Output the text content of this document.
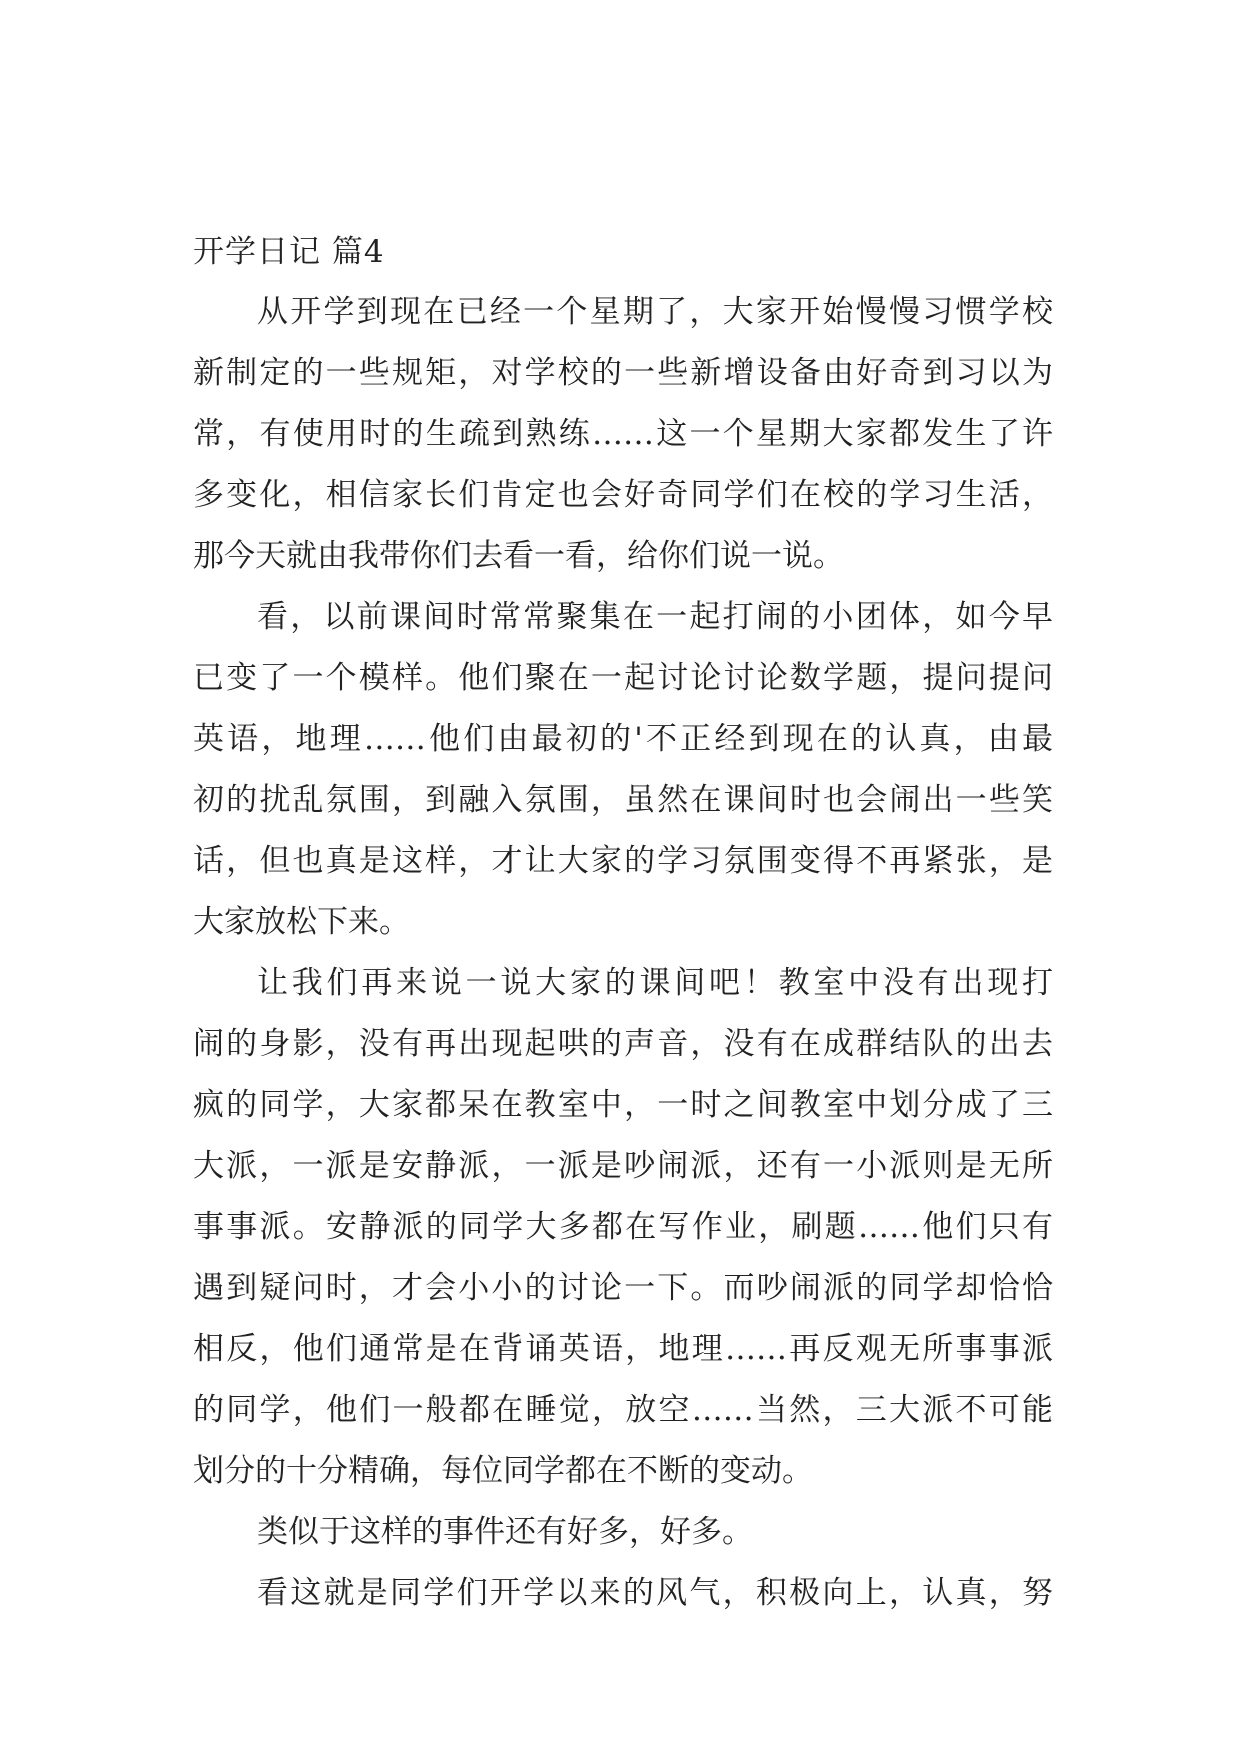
开学日记 篇4
从开学到现在已经一个星期了，大家开始慢慢习惯学校
新制定的一些规矩，对学校的一些新增设备由好奇到习以为
常，有使用时的生疏到熟练……这一个星期大家都发生了许
多变化，相信家长们肯定也会好奇同学们在校的学习生活，
那今天就由我带你们去看一看，给你们说一说。
看，以前课间时常常聚集在一起打闹的小团体，如今早
已变了一个模样。他们聚在一起讨论讨论数学题，提问提问
英语，地理……他们由最初的'不正经到现在的认真，由最
初的扰乱氛围，到融入氛围，虽然在课间时也会闹出一些笑
话，但也真是这样，才让大家的学习氛围变得不再紧张，是
大家放松下来。
让我们再来说一说大家的课间吧！教室中没有出现打
闹的身影，没有再出现起哄的声音，没有在成群结队的出去
疯的同学，大家都呆在教室中，一时之间教室中划分成了三
大派，一派是安静派，一派是吵闹派，还有一小派则是无所
事事派。安静派的同学大多都在写作业，刷题……他们只有
遇到疑问时，才会小小的讨论一下。而吵闹派的同学却恰恰
相反，他们通常是在背诵英语，地理……再反观无所事事派
的同学，他们一般都在睡觉，放空……当然，三大派不可能
划分的十分精确，每位同学都在不断的变动。
类似于这样的事件还有好多，好多。
看这就是同学们开学以来的风气，积极向上，认真，努
